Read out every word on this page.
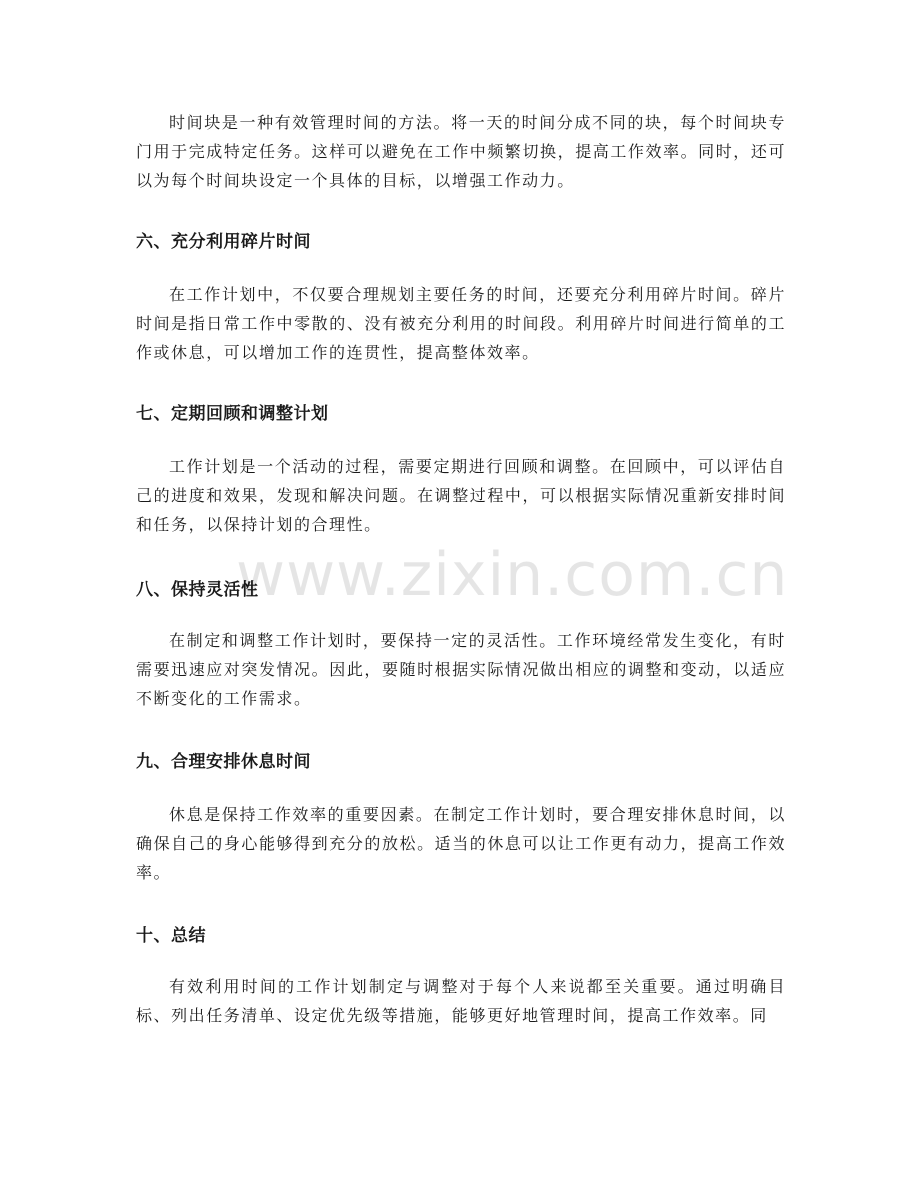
时间块是一种有效管理时间的方法。将一天的时间分成不同的块，每个时间块专门用于完成特定任务。这样可以避免在工作中频繁切换，提高工作效率。同时，还可以为每个时间块设定一个具体的目标，以增强工作动力。

六、充分利用碎片时间

在工作计划中，不仅要合理规划主要任务的时间，还要充分利用碎片时间。碎片时间是指日常工作中零散的、没有被充分利用的时间段。利用碎片时间进行简单的工作或休息，可以增加工作的连贯性，提高整体效率。

七、定期回顾和调整计划

工作计划是一个活动的过程，需要定期进行回顾和调整。在回顾中，可以评估自己的进度和效果，发现和解决问题。在调整过程中，可以根据实际情况重新安排时间和任务，以保持计划的合理性。

八、保持灵活性

在制定和调整工作计划时，要保持一定的灵活性。工作环境经常发生变化，有时需要迅速应对突发情况。因此，要随时根据实际情况做出相应的调整和变动，以适应不断变化的工作需求。

九、合理安排休息时间

休息是保持工作效率的重要因素。在制定工作计划时，要合理安排休息时间，以确保自己的身心能够得到充分的放松。适当的休息可以让工作更有动力，提高工作效率。

十、总结

有效利用时间的工作计划制定与调整对于每个人来说都至关重要。通过明确目标、列出任务清单、设定优先级等措施，能够更好地管理时间，提高工作效率。同

www.zixin.com.cn
